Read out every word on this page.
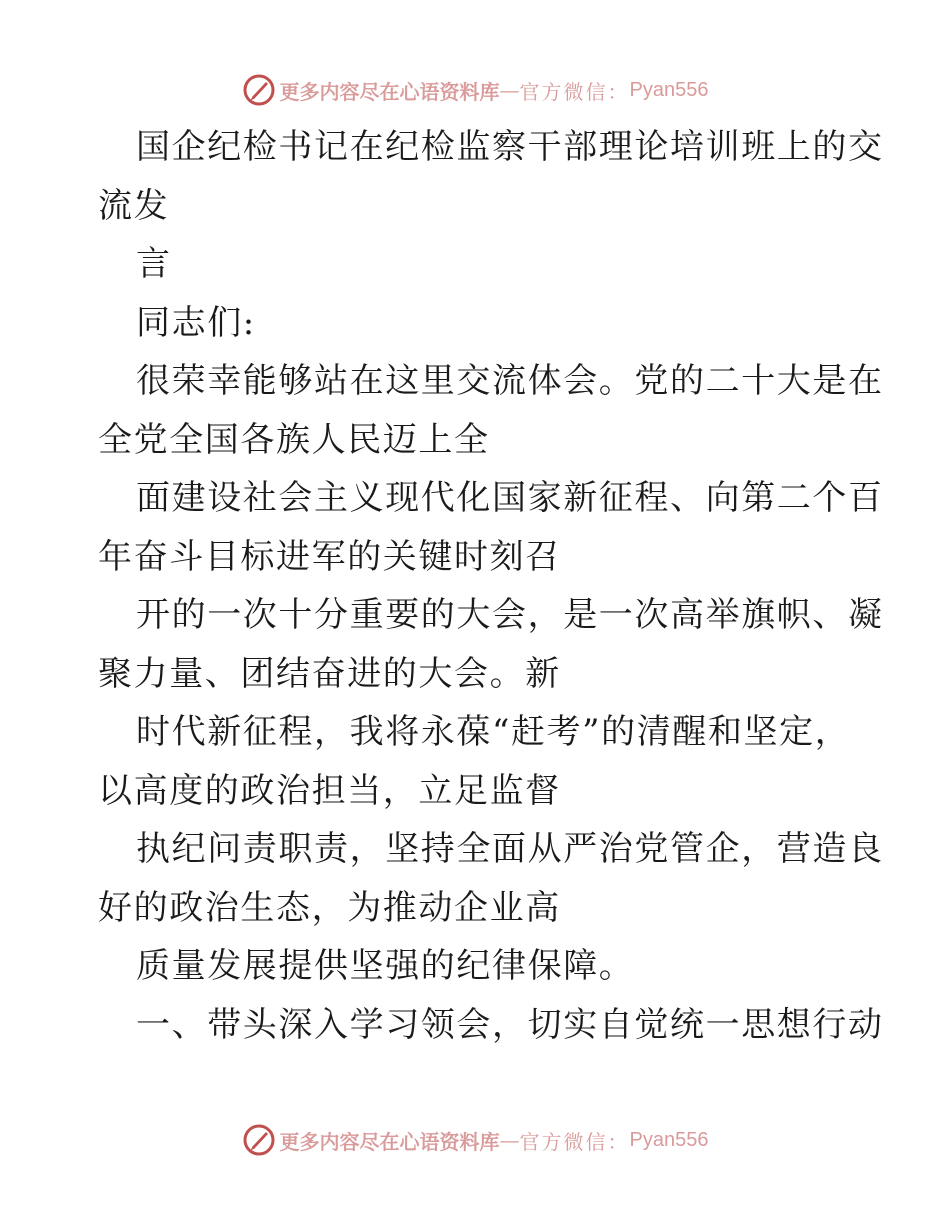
更多内容尽在心语资料库 — 官方微信： Pyan556
国企纪检书记在纪检监察干部理论培训班上的交
流发
言
同志们:
很荣幸能够站在这里交流体会。党的二十大是在
全党全国各族人民迈上全
面建设社会主义现代化国家新征程、向第二个百
年奋斗目标进军的关键时刻召
开的一次十分重要的大会，是一次高举旗帜、凝
聚力量、团结奋进的大会。新
时代新征程，我将永葆“赶考”的清醒和坚定，
以高度的政治担当，立足监督
执纪问责职责，坚持全面从严治党管企，营造良
好的政治生态，为推动企业高
质量发展提供坚强的纪律保障。
一、带头深入学习领会，切实自觉统一思想行动
更多内容尽在心语资料库 — 官方微信： Pyan556
